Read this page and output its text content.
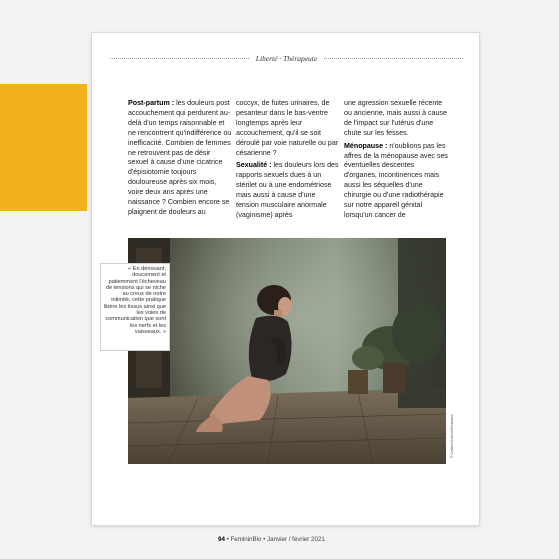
Liberté · Thérapeute

Post-partum : les douleurs post accouchement qui perdurent au-delà d'un temps raisonnable et ne rencontrent qu'indifférence ou inefficacité. Combien de femmes ne retrouvent pas de désir sexuel à cause d'une cicatrice d'épisiotomie toujours douloureuse après six mois, voire deux ans après une naissance ? Combien encore se plaignent de douleurs au

coccyx, de fuites urinaires, de pesanteur dans le bas-ventre longtemps après leur accouchement, qu'il se soit déroulé par voie naturelle ou par césarienne ?

Sexualité : les douleurs lors des rapports sexuels dues à un stérilet ou à une endométriose mais aussi à cause d'une tension musculaire anormale (vaginisme) après

une agression sexuelle récente ou ancienne, mais aussi à cause de l'impact sur l'utérus d'une chute sur les fesses.

Ménopause : n'oublions pas les affres de la ménopause avec ses éventuelles descentes d'organes, incontinences mais aussi les séquelles d'une chirurgie ou d'une radiothérapie sur notre appareil génital lorsqu'un cancer de

© Children/Internet/Unsplash
94 • FemininBio • Janvier / février 2021
« En dénouant, doucement et patiemment l'écheveau de tensions qui se niche au creux de notre intimité, cette pratique libère les tissus ainsi que les voies de communication que sont les nerfs et les vaisseaux. »
